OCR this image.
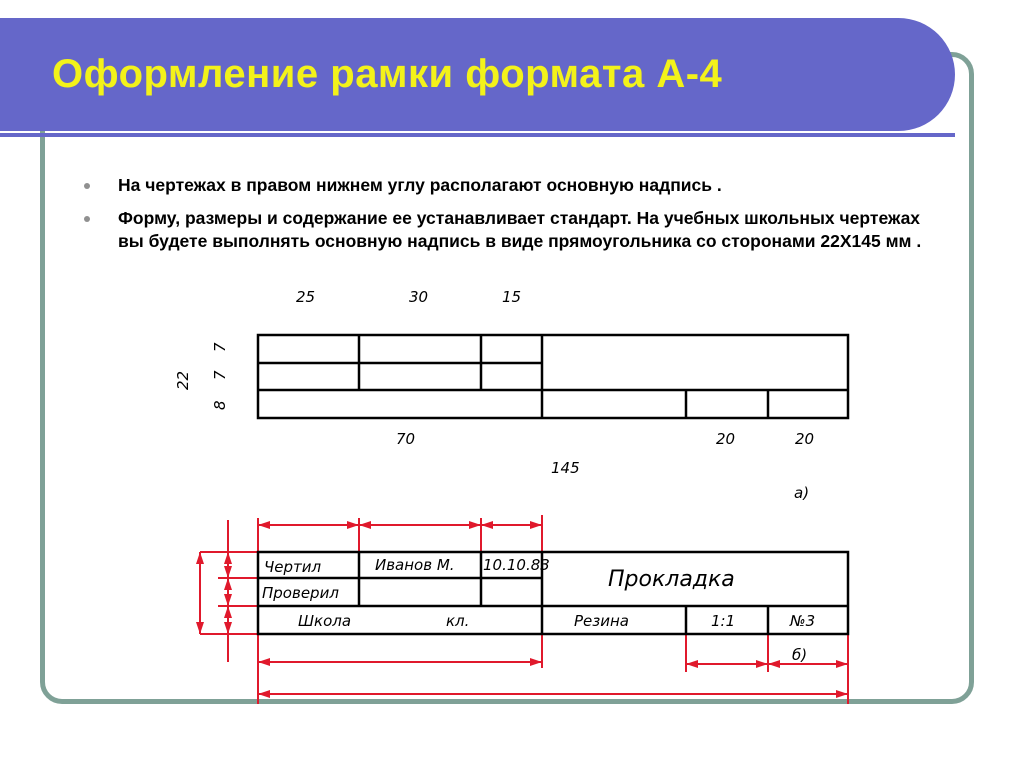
Оформление рамки формата А-4
На чертежах в правом нижнем углу располагают основную надпись .
Форму, размеры и содержание ее устанавливает стандарт. На учебных школьных чертежах вы будете выполнять основную надпись в виде прямоугольника со сторонами 22Х145 мм .
25	30	15
7
7
8
22
70	20	20
145
а)
Чертил	Иванов М. 10.10.83
Проверил
Прокладка
Школа	кл.	Резина	1:1	№3
б)
